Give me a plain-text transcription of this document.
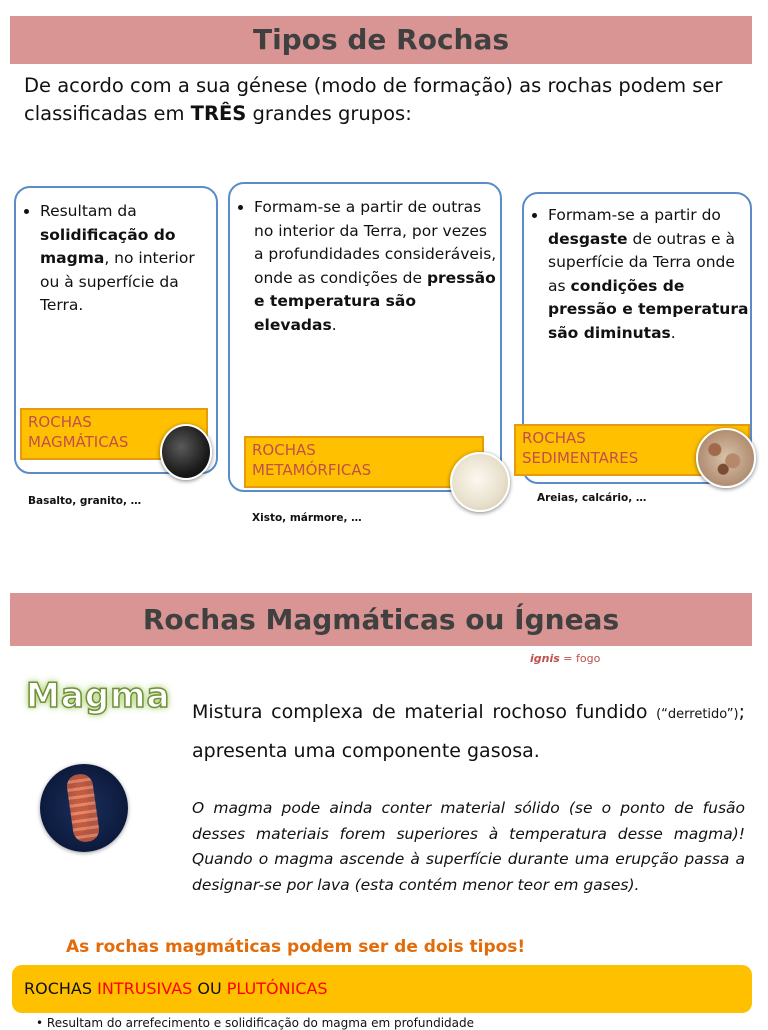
Tipos de Rochas
De acordo com a sua génese (modo de formação) as rochas podem ser classificadas em TRÊS grandes grupos:
• Resultam da solidificação do magma, no interior ou à superfície da Terra.
• Formam-se a partir de outras no interior da Terra, por vezes a profundidades consideráveis, onde as condições de pressão e temperatura são elevadas.
• Formam-se a partir do desgaste de outras e à superfície da Terra onde as condições de pressão e temperatura são diminutas.
ROCHAS
MAGMÁTICAS	ROCHAS
METAMÓRFICAS
ROCHAS
SEDIMENTARES
Basalto, granito, …
Xisto, mármore, …
Areias, calcário, …
Rochas Magmáticas ou Ígneas
ignis = fogo
Magma Mistura complexa de material rochoso fundido (“derretido”); apresenta uma componente gasosa.
O magma pode ainda conter material sólido (se o ponto de fusão desses materiais forem superiores à temperatura desse magma)! Quando o magma ascende à superfície durante uma erupção passa a designar-se por lava (esta contém menor teor em gases).
As rochas magmáticas podem ser de dois tipos!
ROCHAS INTRUSIVAS OU PLUTÓNICAS
• Resultam do arrefecimento e solidificação do magma em profundidade
